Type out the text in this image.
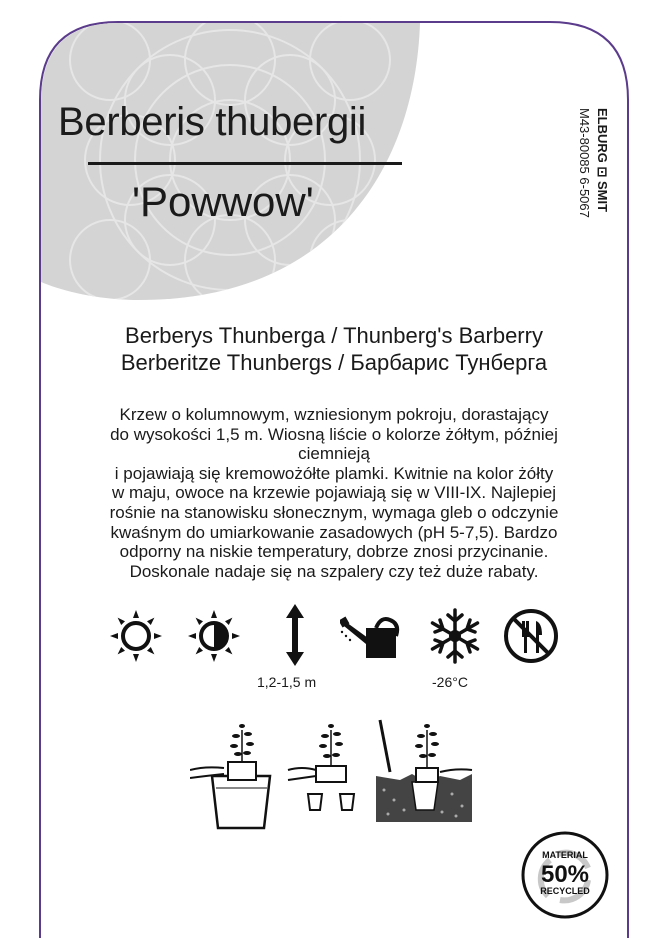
Berberis thubergii
'Powwow'	ELBURG ⊡ SMIT
M43-80085 6-5067
Berberys Thunberga / Thunberg's Barberry
Berberitze Thunbergs / Барбарис Тунберга
Krzew o kolumnowym, wzniesionym pokroju, dorastający
do wysokości 1,5 m. Wiosną liście o kolorze żółtym, później
ciemnieją
i pojawiają się kremowożółte plamki. Kwitnie na kolor żółty
w maju, owoce na krzewie pojawiają się w VIII-IX. Najlepiej
rośnie na stanowisku słonecznym, wymaga gleb o odczynie
kwaśnym do umiarkowanie zasadowych (pH 5-7,5). Bardzo
odporny na niskie temperatury, dobrze znosi przycinanie.
Doskonale nadaje się na szpalery czy też duże rabaty.
1,2-1,5 m	-26°C
MATERIAL
50%
RECYCLED
